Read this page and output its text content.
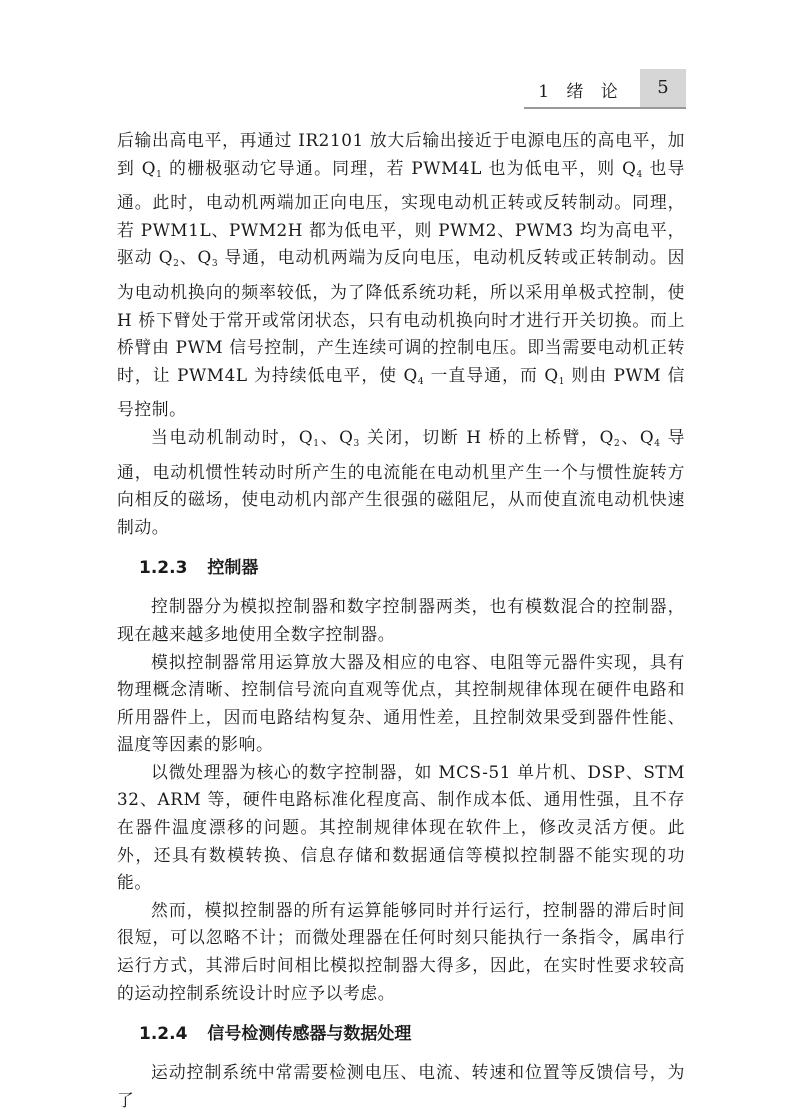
1 绪 论	5

后输出高电平，再通过 IR2101 放大后输出接近于电源电压的高电平，加到 $Q_1$ 的栅极驱动它导通。同理，若 PWM4L 也为低电平，则 $Q_4$ 也导通。此时，电动机两端加正向电压，实现电动机正转或反转制动。同理，若 PWM1L、PWM2H 都为低电平，则 PWM2、PWM3 均为高电平，驱动 $Q_2$、$Q_3$ 导通，电动机两端为反向电压，电动机反转或正转制动。因为电动机换向的频率较低，为了降低系统功耗，所以采用单极式控制，使 H 桥下臂处于常开或常闭状态，只有电动机换向时才进行开关切换。而上桥臂由 PWM 信号控制，产生连续可调的控制电压。即当需要电动机正转时，让 PWM4L 为持续低电平，使 $Q_4$ 一直导通，而 $Q_1$ 则由 PWM 信号控制。

当电动机制动时，$Q_1$、$Q_3$ 关闭，切断 H 桥的上桥臂，$Q_2$、$Q_4$ 导通，电动机惯性转动时所产生的电流能在电动机里产生一个与惯性旋转方向相反的磁场，使电动机内部产生很强的磁阻尼，从而使直流电动机快速制动。

1.2.3 控制器

控制器分为模拟控制器和数字控制器两类，也有模数混合的控制器，现在越来越多地使用全数字控制器。

模拟控制器常用运算放大器及相应的电容、电阻等元器件实现，具有物理概念清晰、控制信号流向直观等优点，其控制规律体现在硬件电路和所用器件上，因而电路结构复杂、通用性差，且控制效果受到器件性能、温度等因素的影响。

以微处理器为核心的数字控制器，如 MCS-51 单片机、DSP、STM32、ARM 等，硬件电路标准化程度高、制作成本低、通用性强，且不存在器件温度漂移的问题。其控制规律体现在软件上，修改灵活方便。此外，还具有数模转换、信息存储和数据通信等模拟控制器不能实现的功能。

然而，模拟控制器的所有运算能够同时并行运行，控制器的滞后时间很短，可以忽略不计；而微处理器在任何时刻只能执行一条指令，属串行运行方式，其滞后时间相比模拟控制器大得多，因此，在实时性要求较高的运动控制系统设计时应予以考虑。

1.2.4 信号检测传感器与数据处理

运动控制系统中常需要检测电压、电流、转速和位置等反馈信号，为了
